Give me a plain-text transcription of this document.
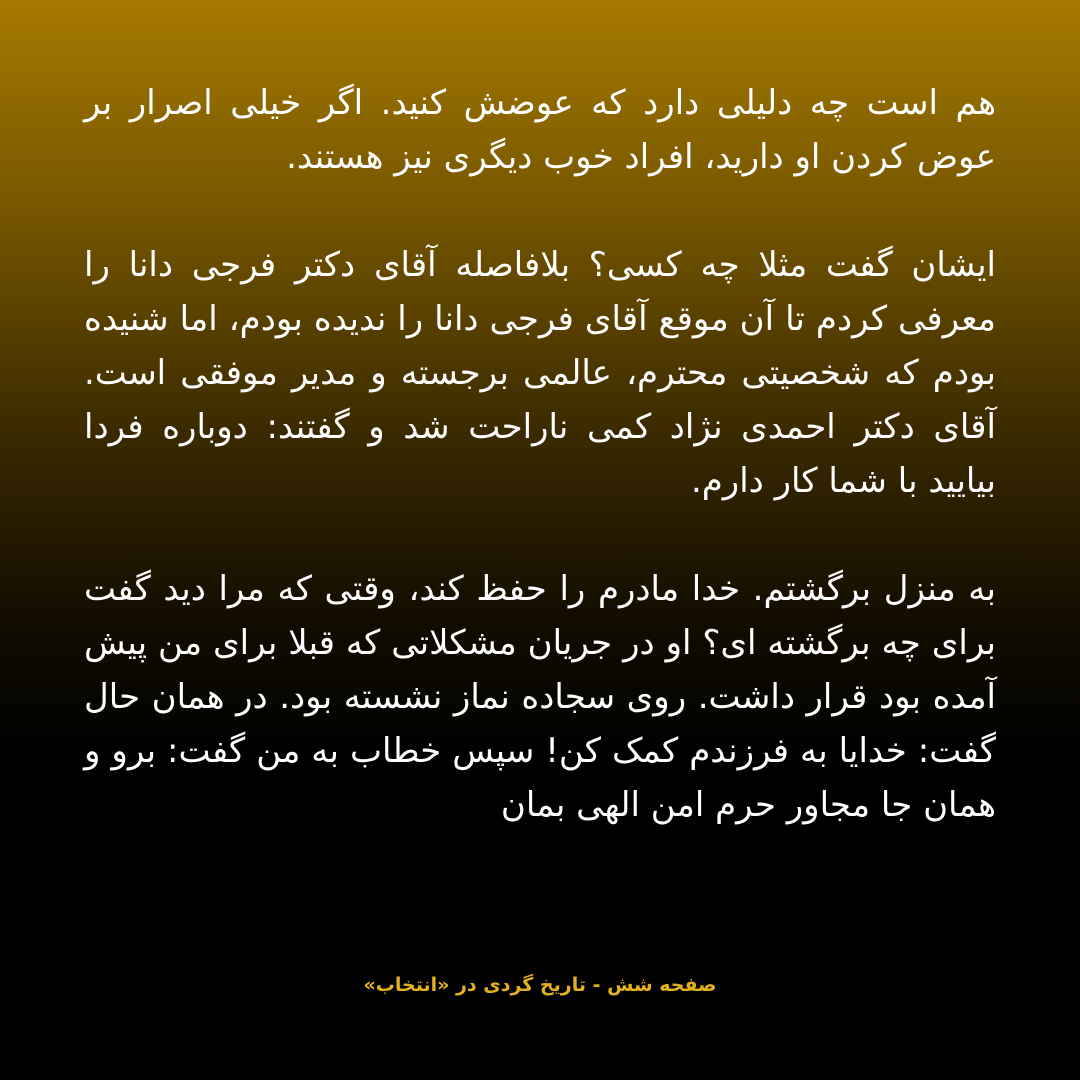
هم است چه دلیلی دارد که عوضش کنید. اگر خیلی اصرار بر عوض کردن او دارید، افراد خوب دیگری نیز هستند.

ایشان گفت مثلا چه کسی؟ بلافاصله آقای دکتر فرجی دانا را معرفی کردم تا آن موقع آقای فرجی دانا را ندیده بودم، اما شنیده بودم که شخصیتی محترم، عالمی برجسته و مدیر موفقی است. آقای دکتر احمدی نژاد کمی ناراحت شد و گفتند: دوباره فردا بیایید با شما کار دارم.

به منزل برگشتم. خدا مادرم را حفظ کند، وقتی که مرا دید گفت برای چه برگشته ای؟ او در جریان مشکلاتی که قبلا برای من پیش آمده بود قرار داشت. روی سجاده نماز نشسته بود. در همان حال گفت: خدایا به فرزندم کمک کن! سپس خطاب به من گفت: برو و همان جا مجاور حرم امن الهی بمان

صفحه شش - تاریخ گردی در «انتخاب»
